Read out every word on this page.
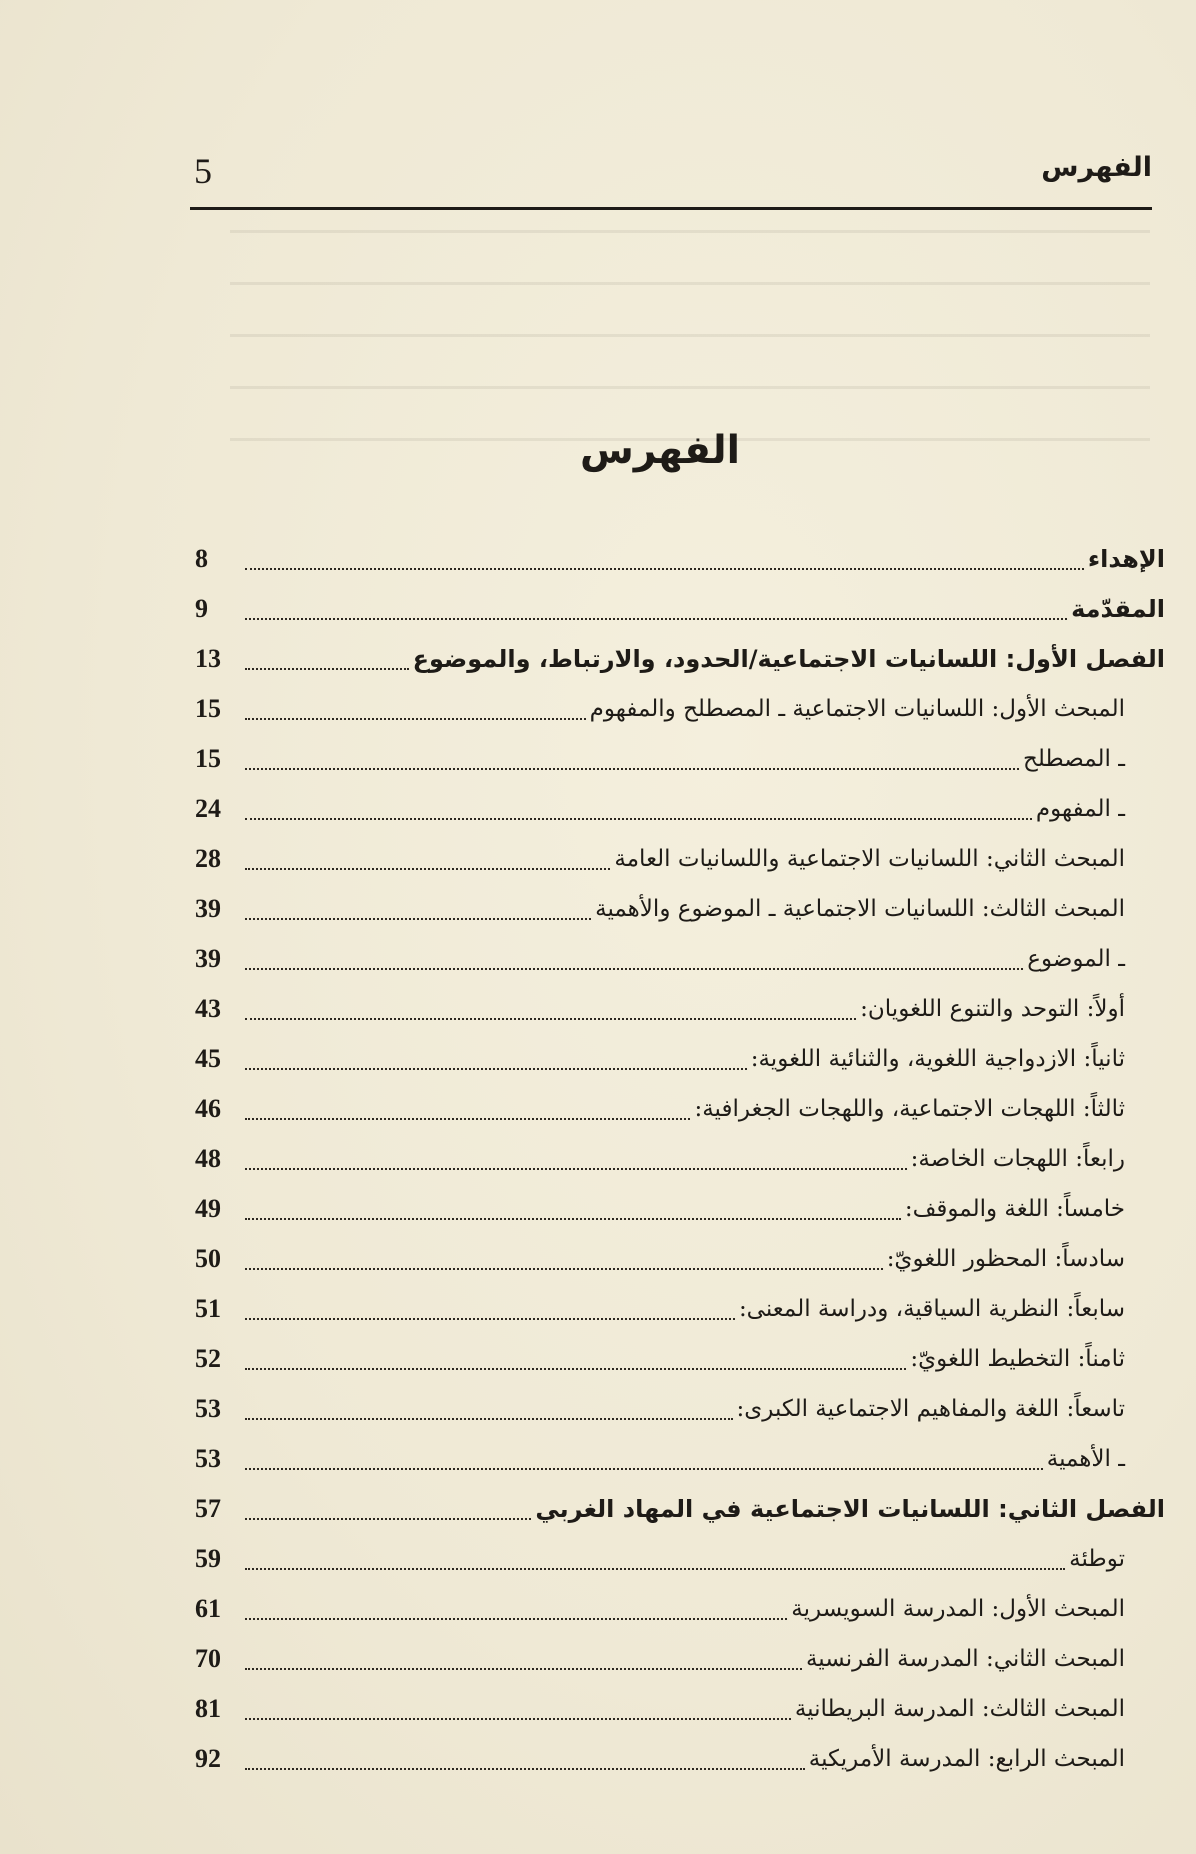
الفهرس
5
الفهرس
الإهداء
8
المقدّمة
9
الفصل الأول: اللسانيات الاجتماعية/الحدود، والارتباط، والموضوع
13
المبحث الأول: اللسانيات الاجتماعية ـ المصطلح والمفهوم
15
ـ المصطلح
15
ـ المفهوم
24
المبحث الثاني: اللسانيات الاجتماعية واللسانيات العامة
28
المبحث الثالث: اللسانيات الاجتماعية ـ الموضوع والأهمية
39
ـ الموضوع
39
أولاً: التوحد والتنوع اللغويان:
43
ثانياً: الازدواجية اللغوية، والثنائية اللغوية:
45
ثالثاً: اللهجات الاجتماعية، واللهجات الجغرافية:
46
رابعاً: اللهجات الخاصة:
48
خامساً: اللغة والموقف:
49
سادساً: المحظور اللغويّ:
50
سابعاً: النظرية السياقية، ودراسة المعنى:
51
ثامناً: التخطيط اللغويّ:
52
تاسعاً: اللغة والمفاهيم الاجتماعية الكبرى:
53
ـ الأهمية
53
الفصل الثاني: اللسانيات الاجتماعية في المهاد الغربي
57
توطئة
59
المبحث الأول: المدرسة السويسرية
61
المبحث الثاني: المدرسة الفرنسية
70
المبحث الثالث: المدرسة البريطانية
81
المبحث الرابع: المدرسة الأمريكية
92
